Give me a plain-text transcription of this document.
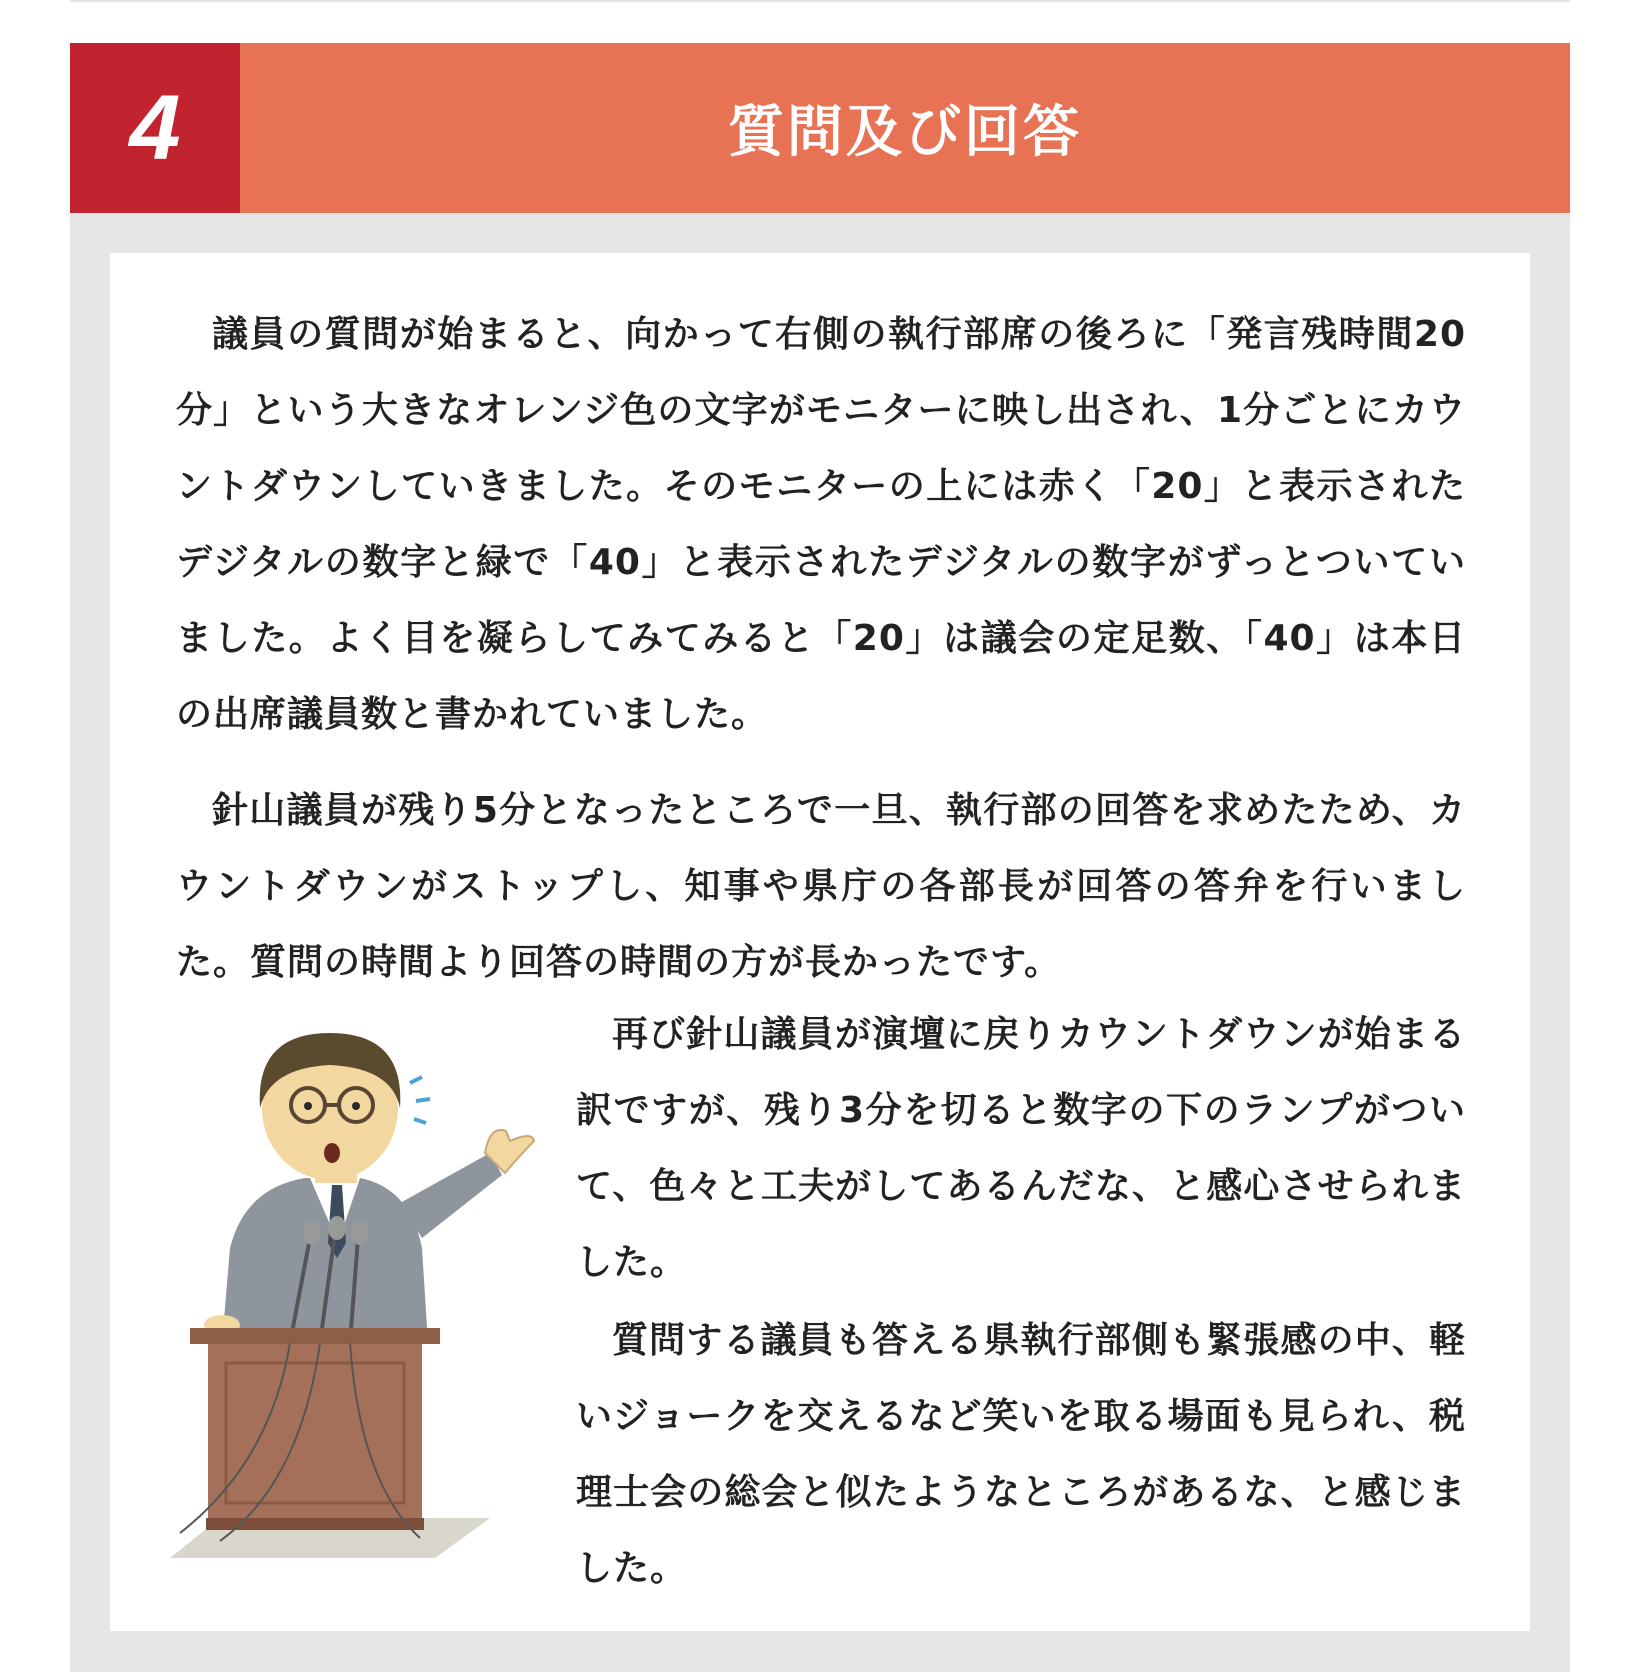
4	質問及び回答

議員の質問が始まると、向かって右側の執行部席の後ろに「発言残時間20分」という大きなオレンジ色の文字がモニターに映し出され、1分ごとにカウントダウンしていきました。そのモニターの上には赤く「20」と表示されたデジタルの数字と緑で「40」と表示されたデジタルの数字がずっとついていました。よく目を凝らしてみてみると「20」は議会の定足数、「40」は本日の出席議員数と書かれていました。

針山議員が残り5分となったところで一旦、執行部の回答を求めたため、カウントダウンがストップし、知事や県庁の各部長が回答の答弁を行いました。質問の時間より回答の時間の方が長かったです。

再び針山議員が演壇に戻りカウントダウンが始まる訳ですが、残り3分を切ると数字の下のランプがついて、色々と工夫がしてあるんだな、と感心させられました。

質問する議員も答える県執行部側も緊張感の中、軽いジョークを交えるなど笑いを取る場面も見られ、税理士会の総会と似たようなところがあるな、と感じました。
